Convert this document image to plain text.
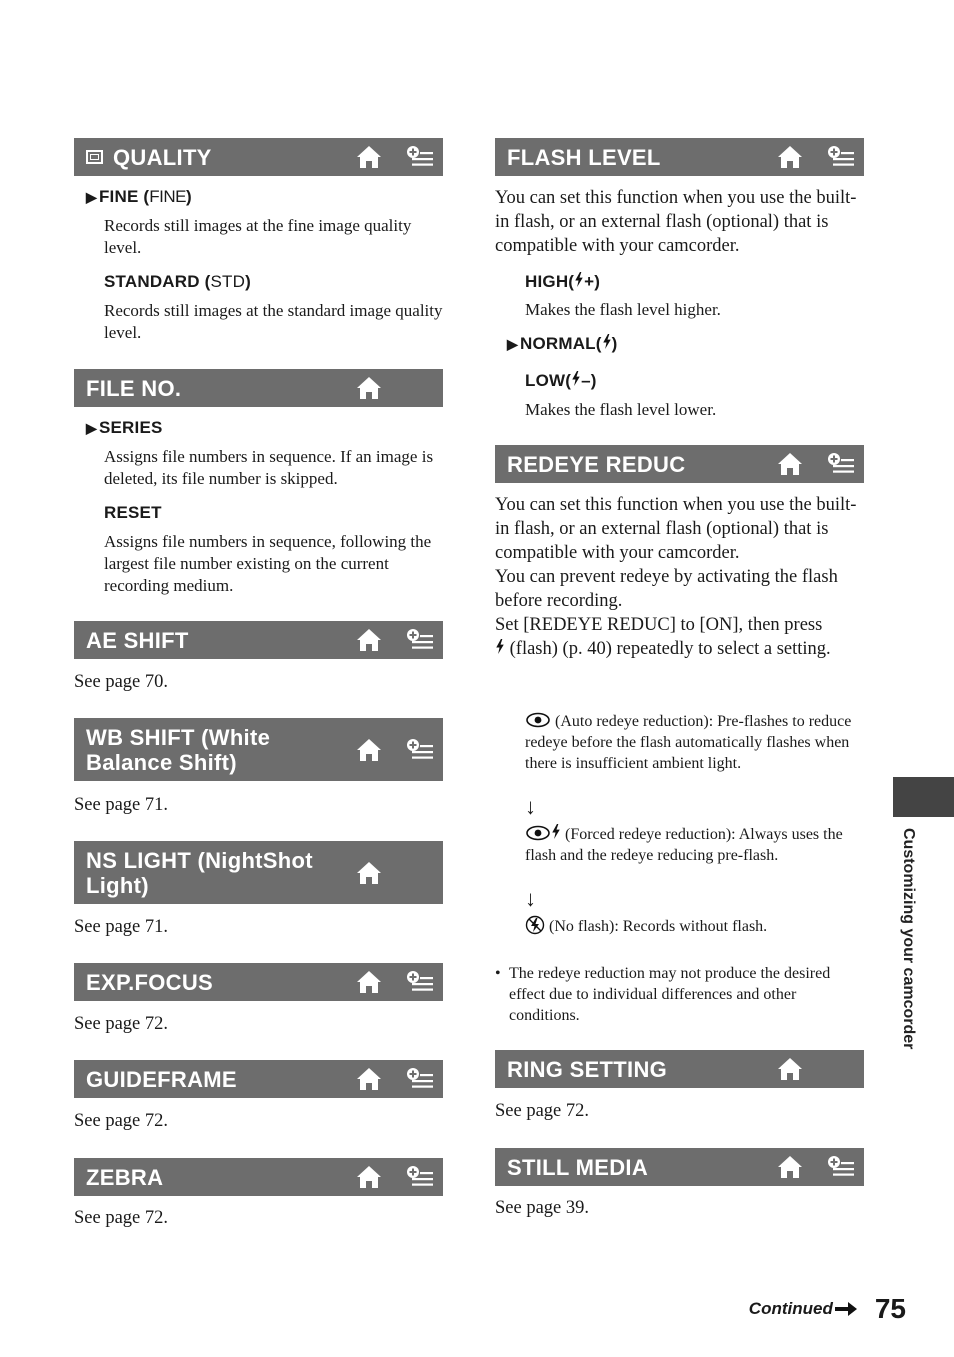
QUALITY
▶ FINE (FINE)
Records still images at the fine image quality level.
STANDARD (STD)
Records still images at the standard image quality level.
FILE NO.
▶ SERIES
Assigns file numbers in sequence. If an image is deleted, its file number is skipped.
RESET
Assigns file numbers in sequence, following the largest file number existing on the current recording medium.
AE SHIFT
See page 70.
WB SHIFT (White
Balance Shift)
See page 71.
NS LIGHT (NightShot
Light)
See page 71.
EXP.FOCUS
See page 72.
GUIDEFRAME
See page 72.
ZEBRA
See page 72.
FLASH LEVEL
You can set this function when you use the built-in flash, or an external flash (optional) that is compatible with your camcorder.
HIGH( +)
Makes the flash level higher.
▶ NORMAL( )
LOW( –)
Makes the flash level lower.
REDEYE REDUC
You can set this function when you use the built-in flash, or an external flash (optional) that is compatible with your camcorder.
You can prevent redeye by activating the flash before recording.
Set [REDEYE REDUC] to [ON], then press
(flash) (p. 40) repeatedly to select a setting.
(Auto redeye reduction): Pre-flashes to reduce redeye before the flash automatically flashes when there is insufficient ambient light.
↓
(Forced redeye reduction): Always uses the flash and the redeye reducing pre-flash.
↓
(No flash): Records without flash.
• The redeye reduction may not produce the desired effect due to individual differences and other conditions.
RING SETTING
See page 72.
STILL MEDIA
See page 39.
Customizing your camcorder
Continued 75
